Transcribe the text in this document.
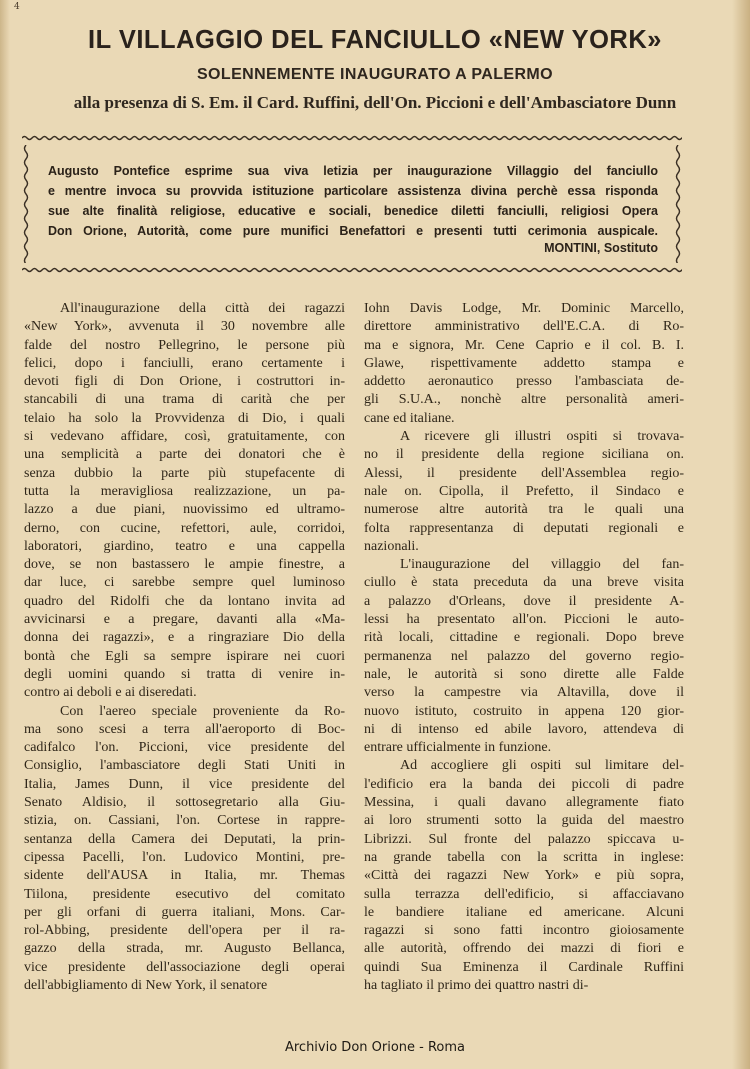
4
IL VILLAGGIO DEL FANCIULLO «NEW YORK»
SOLENNEMENTE INAUGURATO A PALERMO
alla presenza di S. Em. il Card. Ruffini, dell'On. Piccioni e dell'Ambasciatore Dunn
Augusto Pontefice esprime sua viva letizia per inaugurazione Villaggio del fanciullo
e mentre invoca su provvida istituzione particolare assistenza divina perchè essa risponda
sue alte finalità religiose, educative e sociali, benedice diletti fanciulli, religiosi Opera
Don Orione, Autorità, come pure munifici Benefattori e presenti tutti cerimonia auspicale.
MONTINI, Sostituto
All'inaugurazione della città dei ragazzi
«New York», avvenuta il 30 novembre alle
falde del nostro Pellegrino, le persone più
felici, dopo i fanciulli, erano certamente i
devoti figli di Don Orione, i costruttori in-
stancabili di una trama di carità che per
telaio ha solo la Provvidenza di Dio, i quali
si vedevano affidare, così, gratuitamente, con
una semplicità a parte dei donatori che è
senza dubbio la parte più stupefacente di
tutta la meravigliosa realizzazione, un pa-
lazzo a due piani, nuovissimo ed ultramo-
derno, con cucine, refettori, aule, corridoi,
laboratori, giardino, teatro e una cappella
dove, se non bastassero le ampie finestre, a
dar luce, ci sarebbe sempre quel luminoso
quadro del Ridolfi che da lontano invita ad
avvicinarsi e a pregare, davanti alla «Ma-
donna dei ragazzi», e a ringraziare Dio della
bontà che Egli sa sempre ispirare nei cuori
degli uomini quando si tratta di venire in-
contro ai deboli e ai diseredati.
Con l'aereo speciale proveniente da Ro-
ma sono scesi a terra all'aeroporto di Boc-
cadifalco l'on. Piccioni, vice presidente del
Consiglio, l'ambasciatore degli Stati Uniti in
Italia, James Dunn, il vice presidente del
Senato Aldisio, il sottosegretario alla Giu-
stizia, on. Cassiani, l'on. Cortese in rappre-
sentanza della Camera dei Deputati, la prin-
cipessa Pacelli, l'on. Ludovico Montini, pre-
sidente dell'AUSA in Italia, mr. Themas
Tiilona, presidente esecutivo del comitato
per gli orfani di guerra italiani, Mons. Car-
rol-Abbing, presidente dell'opera per il ra-
gazzo della strada, mr. Augusto Bellanca,
vice presidente dell'associazione degli operai
dell'abbigliamento di New York, il senatore
Iohn Davis Lodge, Mr. Dominic Marcello,
direttore amministrativo dell'E.C.A. di Ro-
ma e signora, Mr. Cene Caprio e il col. B. I.
Glawe, rispettivamente addetto stampa e
addetto aeronautico presso l'ambasciata de-
gli S.U.A., nonchè altre personalità ameri-
cane ed italiane.
A ricevere gli illustri ospiti si trovava-
no il presidente della regione siciliana on.
Alessi, il presidente dell'Assemblea regio-
nale on. Cipolla, il Prefetto, il Sindaco e
numerose altre autorità tra le quali una
folta rappresentanza di deputati regionali e
nazionali.
L'inaugurazione del villaggio del fan-
ciullo è stata preceduta da una breve visita
a palazzo d'Orleans, dove il presidente A-
lessi ha presentato all'on. Piccioni le auto-
rità locali, cittadine e regionali. Dopo breve
permanenza nel palazzo del governo regio-
nale, le autorità si sono dirette alle Falde
verso la campestre via Altavilla, dove il
nuovo istituto, costruito in appena 120 gior-
ni di intenso ed abile lavoro, attendeva di
entrare ufficialmente in funzione.
Ad accogliere gli ospiti sul limitare del-
l'edificio era la banda dei piccoli di padre
Messina, i quali davano allegramente fiato
ai loro strumenti sotto la guida del maestro
Librizzi. Sul fronte del palazzo spiccava u-
na grande tabella con la scritta in inglese:
«Città dei ragazzi New York» e più sopra,
sulla terrazza dell'edificio, si affacciavano
le bandiere italiane ed americane. Alcuni
ragazzi si sono fatti incontro gioiosamente
alle autorità, offrendo dei mazzi di fiori e
quindi Sua Eminenza il Cardinale Ruffini
ha tagliato il primo dei quattro nastri di-
Archivio Don Orione - Roma
